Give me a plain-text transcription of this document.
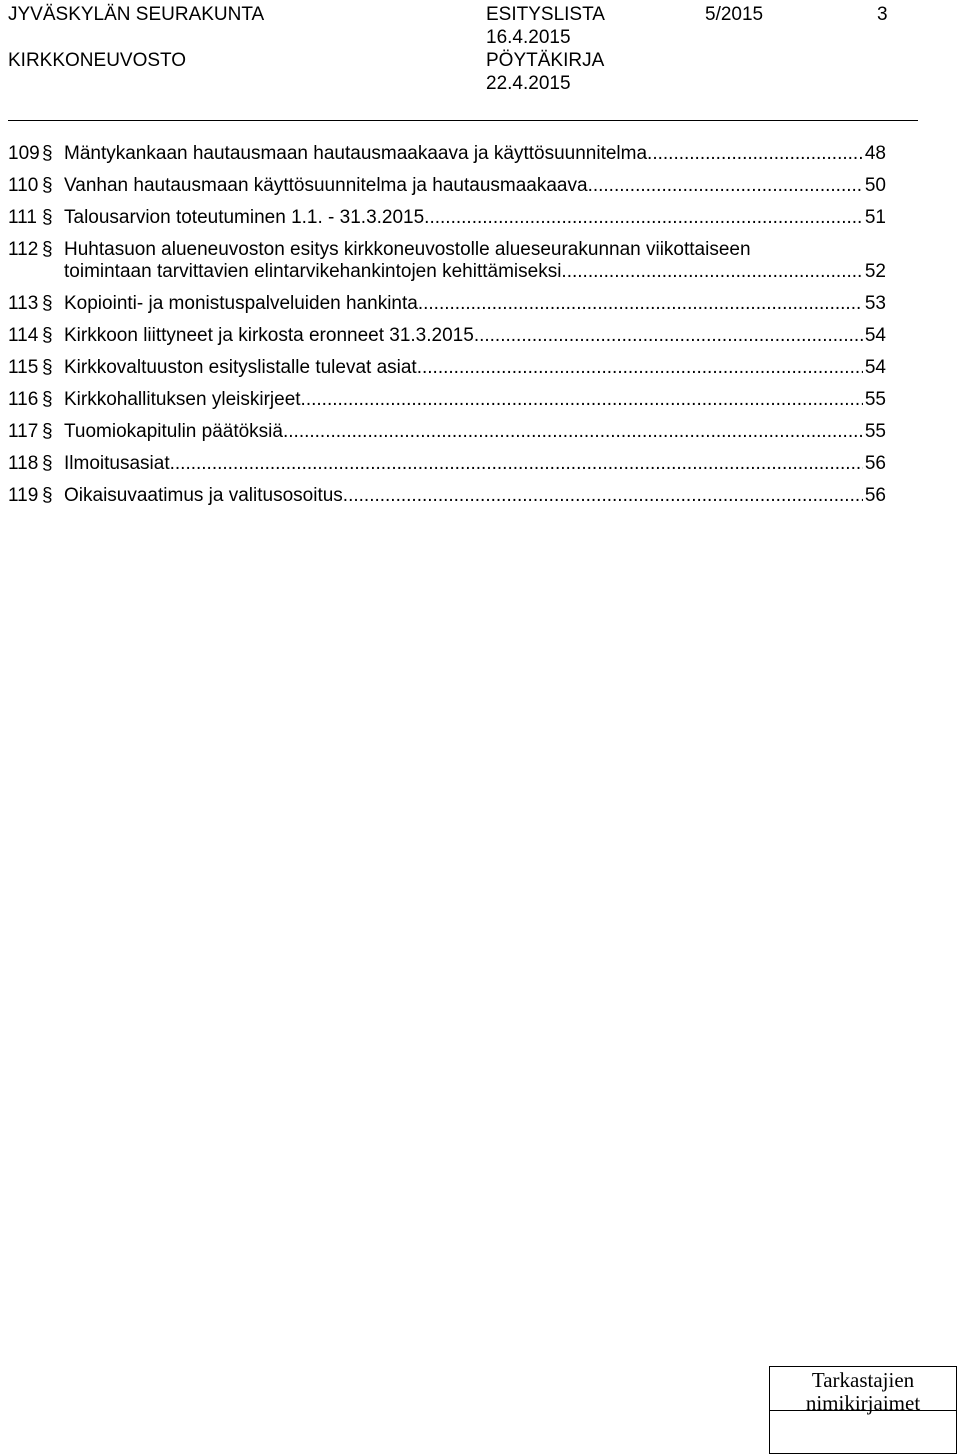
JYVÄSKYLÄN SEURAKUNTA
KIRKKONEUVOSTO
ESITYSLISTA
16.4.2015
PÖYTÄKIRJA
22.4.2015
5/2015	3
109 § Mäntykankaan hautausmaan hautausmaakaava ja käyttösuunnitelma .....	48
110 § Vanhan hautausmaan käyttösuunnitelma ja hautausmaakaava .....	50
111 § Talousarvion toteutuminen 1.1. - 31.3.2015. .....	51
112 § Huhtasuon alueneuvoston esitys kirkkoneuvostolle alueseurakunnan viikottaiseen
toimintaan tarvittavien elintarvikehankintojen kehittämiseksi. .....	52
113 § Kopiointi- ja monistuspalveluiden hankinta .....	53
114 § Kirkkoon liittyneet ja kirkosta eronneet 31.3.2015 .....	54
115 § Kirkkovaltuuston esityslistalle tulevat asiat .....	54
116 § Kirkkohallituksen yleiskirjeet .....	55
117 § Tuomiokapitulin päätöksiä .....	55
118 § Ilmoitusasiat .....	56
119 § Oikaisuvaatimus ja valitusosoitus .....	56
Tarkastajien
nimikirjaimet
